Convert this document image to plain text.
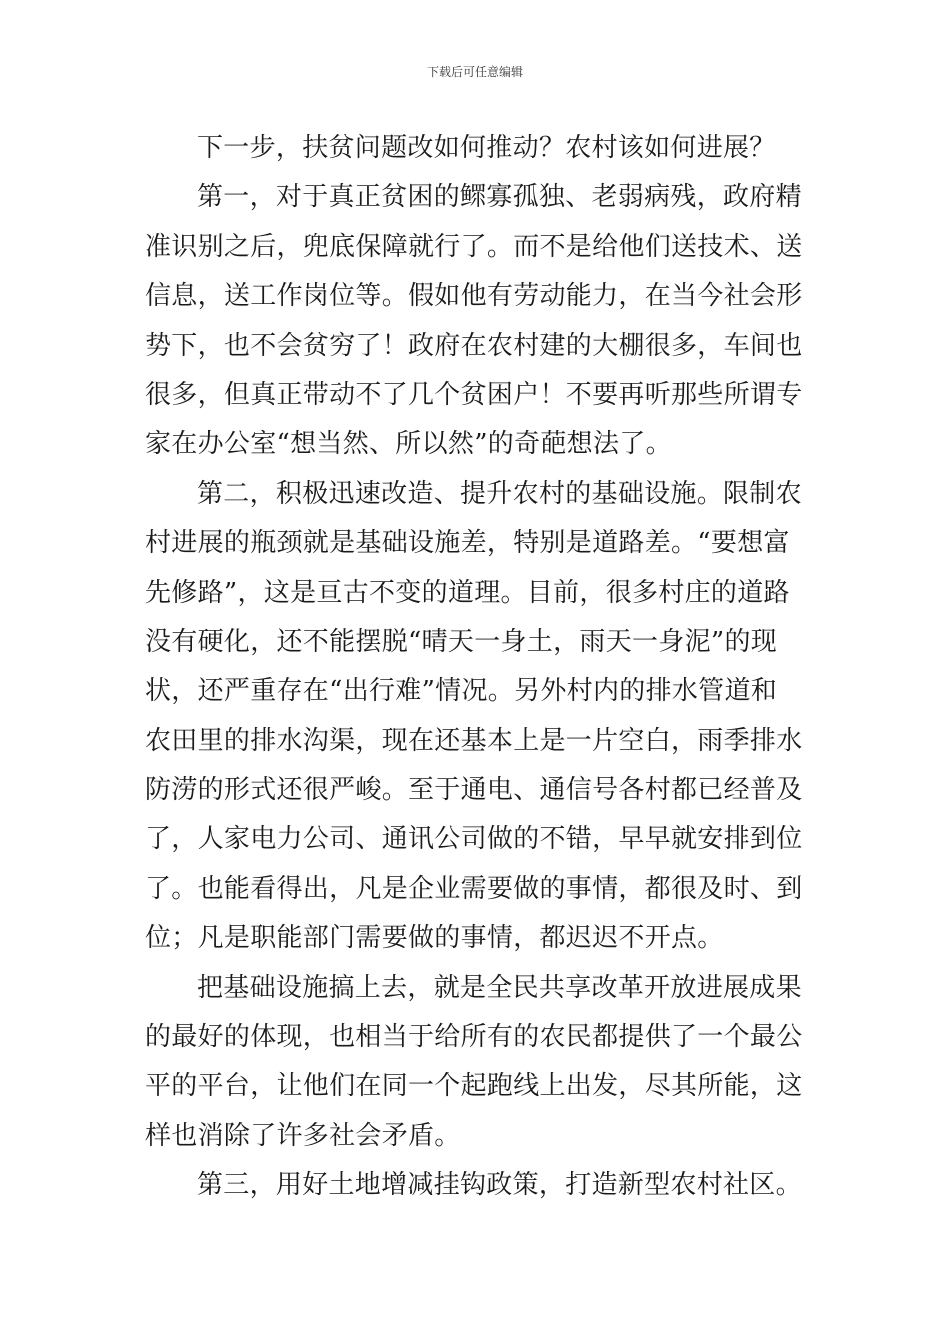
下载后可任意编辑

下一步，扶贫问题改如何推动？农村该如何进展？

第一，对于真正贫困的鳏寡孤独、老弱病残，政府精
准识别之后，兜底保障就行了。而不是给他们送技术、送
信息，送工作岗位等。假如他有劳动能力，在当今社会形
势下，也不会贫穷了！政府在农村建的大棚很多，车间也
很多，但真正带动不了几个贫困户！不要再听那些所谓专
家在办公室“想当然、所以然”的奇葩想法了。

第二，积极迅速改造、提升农村的基础设施。限制农
村进展的瓶颈就是基础设施差，特别是道路差。“要想富
先修路”，这是亘古不变的道理。目前，很多村庄的道路
没有硬化，还不能摆脱“晴天一身土，雨天一身泥”的现
状，还严重存在“出行难”情况。另外村内的排水管道和
农田里的排水沟渠，现在还基本上是一片空白，雨季排水
防涝的形式还很严峻。至于通电、通信号各村都已经普及
了，人家电力公司、通讯公司做的不错，早早就安排到位
了。也能看得出，凡是企业需要做的事情，都很及时、到
位；凡是职能部门需要做的事情，都迟迟不开点。

把基础设施搞上去，就是全民共享改革开放进展成果
的最好的体现，也相当于给所有的农民都提供了一个最公
平的平台，让他们在同一个起跑线上出发，尽其所能，这
样也消除了许多社会矛盾。

第三，用好土地增减挂钩政策，打造新型农村社区。
